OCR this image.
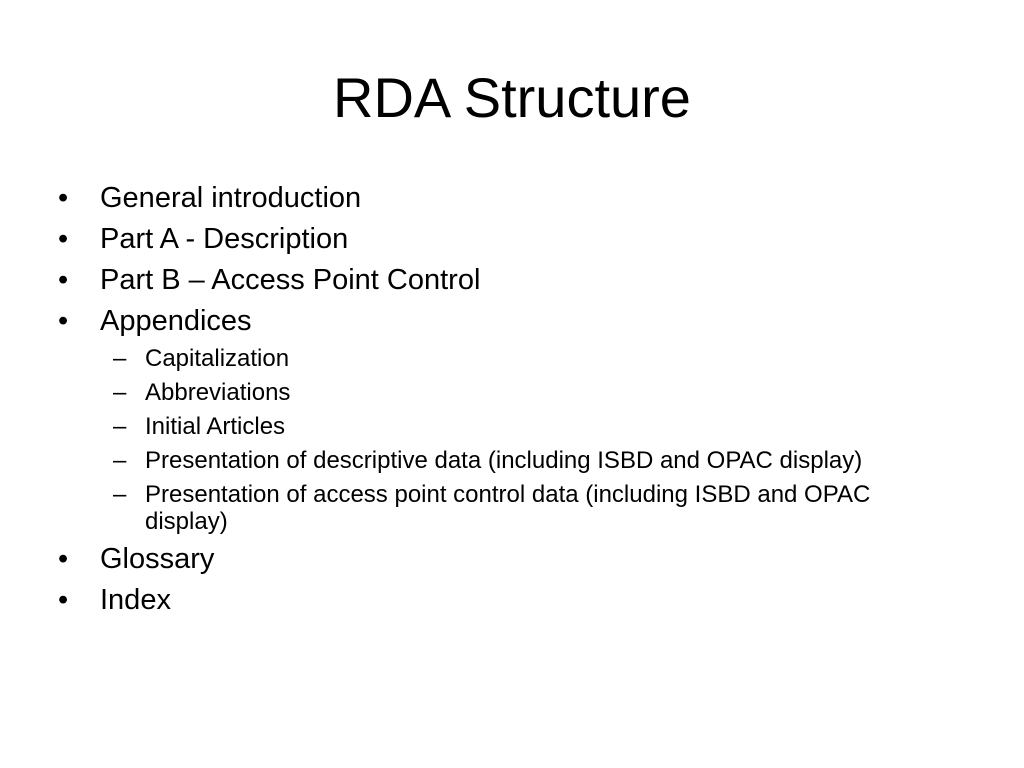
RDA Structure
•	General introduction
•	Part A - Description
•	Part B – Access Point Control
•	Appendices
– Capitalization
– Abbreviations
– Initial Articles
– Presentation of descriptive data (including ISBD and OPAC display)
– Presentation of access point control data (including ISBD and OPAC display)
•	Glossary
•	Index
